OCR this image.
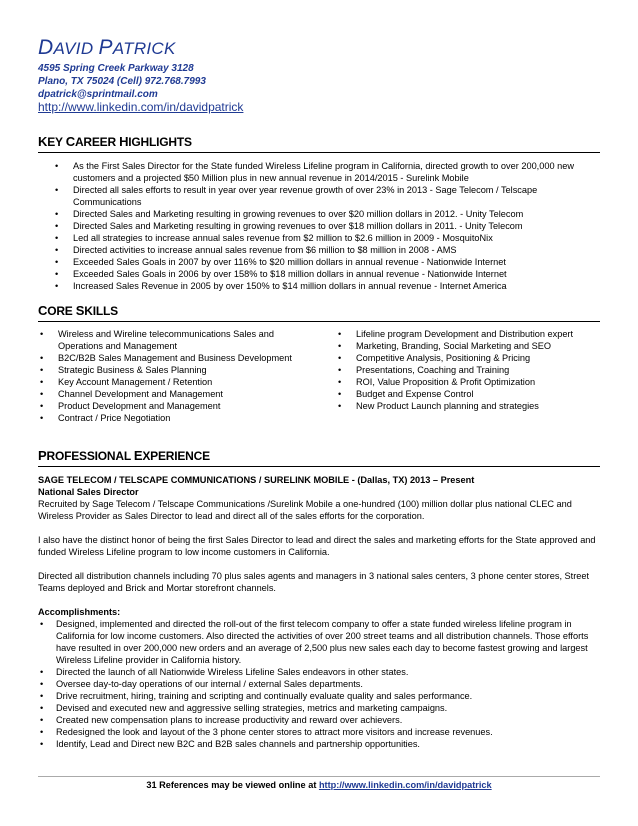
DAVID PATRICK
4595 Spring Creek Parkway 3128
Plano, TX 75024 (Cell) 972.768.7993
dpatrick@sprintmail.com
http://www.linkedin.com/in/davidpatrick
KEY CAREER HIGHLIGHTS
• As the First Sales Director for the State funded Wireless Lifeline program in California, directed growth to over 200,000 new customers and a projected $50 Million plus in new annual revenue in 2014/2015 - Surelink Mobile
• Directed all sales efforts to result in year over year revenue growth of over 23% in 2013 - Sage Telecom / Telscape Communications
• Directed Sales and Marketing resulting in growing revenues to over $20 million dollars in 2012. - Unity Telecom
• Directed Sales and Marketing resulting in growing revenues to over $18 million dollars in 2011. - Unity Telecom
• Led all strategies to increase annual sales revenue from $2 million to $2.6 million in 2009 - MosquitoNix
• Directed activities to increase annual sales revenue from $6 million to $8 million in 2008 - AMS
• Exceeded Sales Goals in 2007 by over 116% to $20 million dollars in annual revenue - Nationwide Internet
• Exceeded Sales Goals in 2006 by over 158% to $18 million dollars in annual revenue - Nationwide Internet
• Increased Sales Revenue in 2005 by over 150% to $14 million dollars in annual revenue - Internet America
CORE SKILLS
• Wireless and Wireline telecommunications Sales and Operations and Management
• B2C/B2B Sales Management and Business Development
• Strategic Business & Sales Planning
• Key Account Management / Retention
• Channel Development and Management
• Product Development and Management
• Contract / Price Negotiation
• Lifeline program Development and Distribution expert
• Marketing, Branding, Social Marketing and SEO
• Competitive Analysis, Positioning & Pricing
• Presentations, Coaching and Training
• ROI, Value Proposition & Profit Optimization
• Budget and Expense Control
• New Product Launch planning and strategies
PROFESSIONAL EXPERIENCE

SAGE TELECOM / TELSCAPE COMMUNICATIONS / SURELINK MOBILE - (Dallas, TX) 2013 – Present

National Sales Director

Recruited by Sage Telecom / Telscape Communications /Surelink Mobile a one-hundred (100) million dollar plus national CLEC and Wireless Provider as Sales Director to lead and direct all of the sales efforts for the corporation.

I also have the distinct honor of being the first Sales Director to lead and direct the sales and marketing efforts for the State approved and funded Wireless Lifeline program to low income customers in California.

Directed all distribution channels including 70 plus sales agents and managers in 3 national sales centers, 3 phone center stores, Street Teams deployed and Brick and Mortar storefront channels.

Accomplishments:

• Designed, implemented and directed the roll-out of the first telecom company to offer a state funded wireless lifeline program in California for low income customers. Also directed the activities of over 200 street teams and all distribution channels. Those efforts have resulted in over 200,000 new orders and an average of 2,500 plus new sales each day to become fastest growing and largest Wireless Lifeline provider in California history.
• Directed the launch of all Nationwide Wireless Lifeline Sales endeavors in other states.
• Oversee day-to-day operations of our internal / external Sales departments.
• Drive recruitment, hiring, training and scripting and continually evaluate quality and sales performance.
• Devised and executed new and aggressive selling strategies, metrics and marketing campaigns.
• Created new compensation plans to increase productivity and reward over achievers.
• Redesigned the look and layout of the 3 phone center stores to attract more visitors and increase revenues.
• Identify, Lead and Direct new B2C and B2B sales channels and partnership opportunities.
31 References may be viewed online at http://www.linkedin.com/in/davidpatrick
